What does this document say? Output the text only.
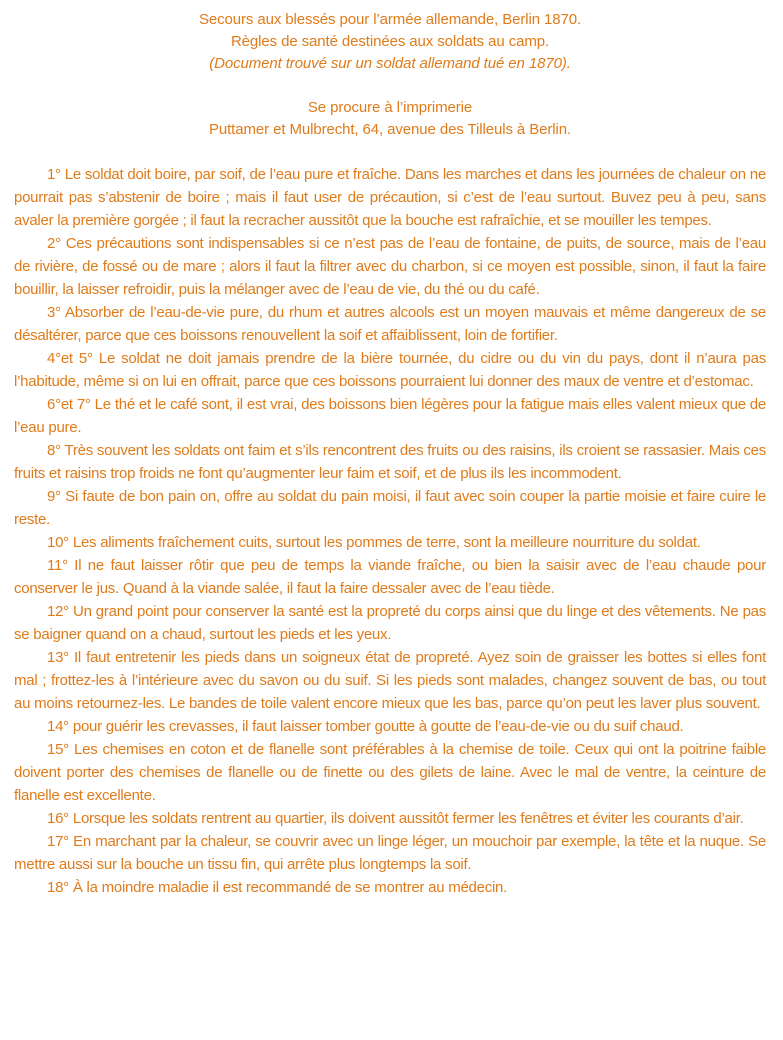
Secours aux blessés pour l’armée allemande, Berlin 1870.
Règles de santé destinées aux soldats au camp.
(Document trouvé sur un soldat allemand tué en 1870).
Se procure à l’imprimerie
Puttamer et Mulbrecht, 64, avenue des Tilleuls à Berlin.

1° Le soldat doit boire, par soif, de l’eau pure et fraîche. Dans les marches et dans les journées de chaleur on ne pourrait pas s’abstenir de boire ; mais il faut user de précaution, si c’est de l’eau surtout. Buvez peu à peu, sans avaler la première gorgée ; il faut la recracher aussitôt que la bouche est rafraîchie, et se mouiller les tempes.

2° Ces précautions sont indispensables si ce n’est pas de l’eau de fontaine, de puits, de source, mais de l’eau de rivière, de fossé ou de mare ; alors il faut la filtrer avec du charbon, si ce moyen est possible, sinon, il faut la faire bouillir, la laisser refroidir, puis la mélanger avec de l’eau de vie, du thé ou du café.

3° Absorber de l’eau-de-vie pure, du rhum et autres alcools est un moyen mauvais et même dangereux de se désaltérer, parce que ces boissons renouvellent la soif et affaiblissent, loin de fortifier.

4°et 5° Le soldat ne doit jamais prendre de la bière tournée, du cidre ou du vin du pays, dont il n’aura pas l’habitude, même si on lui en offrait, parce que ces boissons pourraient lui donner des maux de ventre et d’estomac.

6°et 7° Le thé et le café sont, il est vrai, des boissons bien légères pour la fatigue mais elles valent mieux que de l’eau pure.

8° Très souvent les soldats ont faim et s’ils rencontrent des fruits ou des raisins, ils croient se rassasier. Mais ces fruits et raisins trop froids ne font qu’augmenter leur faim et soif, et de plus ils les incommodent.

9° Si faute de bon pain on, offre au soldat du pain moisi, il faut avec soin couper la partie moisie et faire cuire le reste.

10° Les aliments fraîchement cuits, surtout les pommes de terre, sont la meilleure nourriture du soldat.

11° Il ne faut laisser rôtir que peu de temps la viande fraîche, ou bien la saisir avec de l’eau chaude pour conserver le jus. Quand à la viande salée, il faut la faire dessaler avec de l’eau tiède.

12° Un grand point pour conserver la santé est la propreté du corps ainsi que du linge et des vêtements. Ne pas se baigner quand on a chaud, surtout les pieds et les yeux.

13° Il faut entretenir les pieds dans un soigneux état de propreté. Ayez soin de graisser les bottes si elles font mal ; frottez-les à l’intérieure avec du savon ou du suif. Si les pieds sont malades, changez souvent de bas, ou tout au moins retournez-les. Le bandes de toile valent encore mieux que les bas, parce qu’on peut les laver plus souvent.

14° pour guérir les crevasses, il faut laisser tomber goutte à goutte de l’eau-de-vie ou du suif chaud.

15° Les chemises en coton et de flanelle sont préférables à la chemise de toile. Ceux qui ont la poitrine faible doivent porter des chemises de flanelle ou de finette ou des gilets de laine. Avec le mal de ventre, la ceinture de flanelle est excellente.

16° Lorsque les soldats rentrent au quartier, ils doivent aussitôt fermer les fenêtres et éviter les courants d’air.

17° En marchant par la chaleur, se couvrir avec un linge léger, un mouchoir par exemple, la tête et la nuque. Se mettre aussi sur la bouche un tissu fin, qui arrête plus longtemps la soif.

18° À la moindre maladie il est recommandé de se montrer au médecin.
